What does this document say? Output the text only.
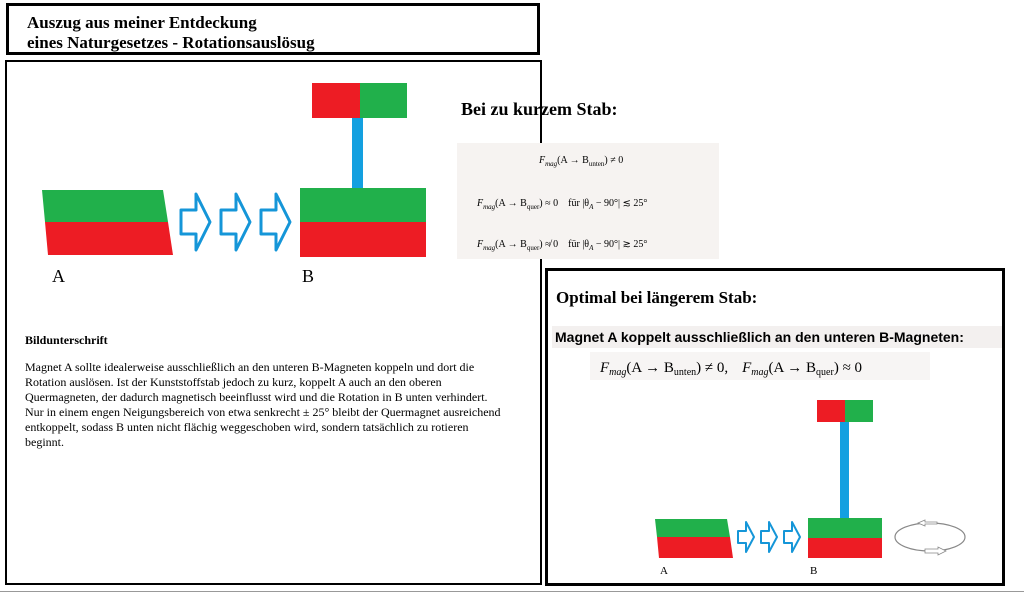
Auszug aus meiner Entdeckung
eines Naturgesetzes - Rotationsauslösug
A	B
Bildunterschrift
Magnet A sollte idealerweise ausschließlich an den unteren B-Magneten koppeln und dort die Rotation auslösen. Ist der Kunststoffstab jedoch zu kurz, koppelt A auch an den oberen Quermagneten, der dadurch magnetisch beeinflusst wird und die Rotation in B unten verhindert. Nur in einem engen Neigungsbereich von etwa senkrecht ± 25° bleibt der Quermagnet ausreichend entkoppelt, sodass B unten nicht flächig weggeschoben wird, sondern tatsächlich zu rotieren beginnt.
Bei zu kurzem Stab:
$F_{mag}(A \to B_{unten}) \ne 0$
$F_{mag}(A \to B_{quer}) \approx 0$ für $|\theta_A - 90^\circ|$ ≲ 25°
$F_{mag}(A \to B_{quer})$ ≉ 0 für $|\theta_A - 90^\circ|$ ≳ 25°
Optimal bei längerem Stab:
Magnet A koppelt ausschließlich an den unteren B-Magneten:
$F_{mag}(A \to B_{unten}) \ne 0$, $F_{mag}(A \to B_{quer}) \approx 0$
A	B
